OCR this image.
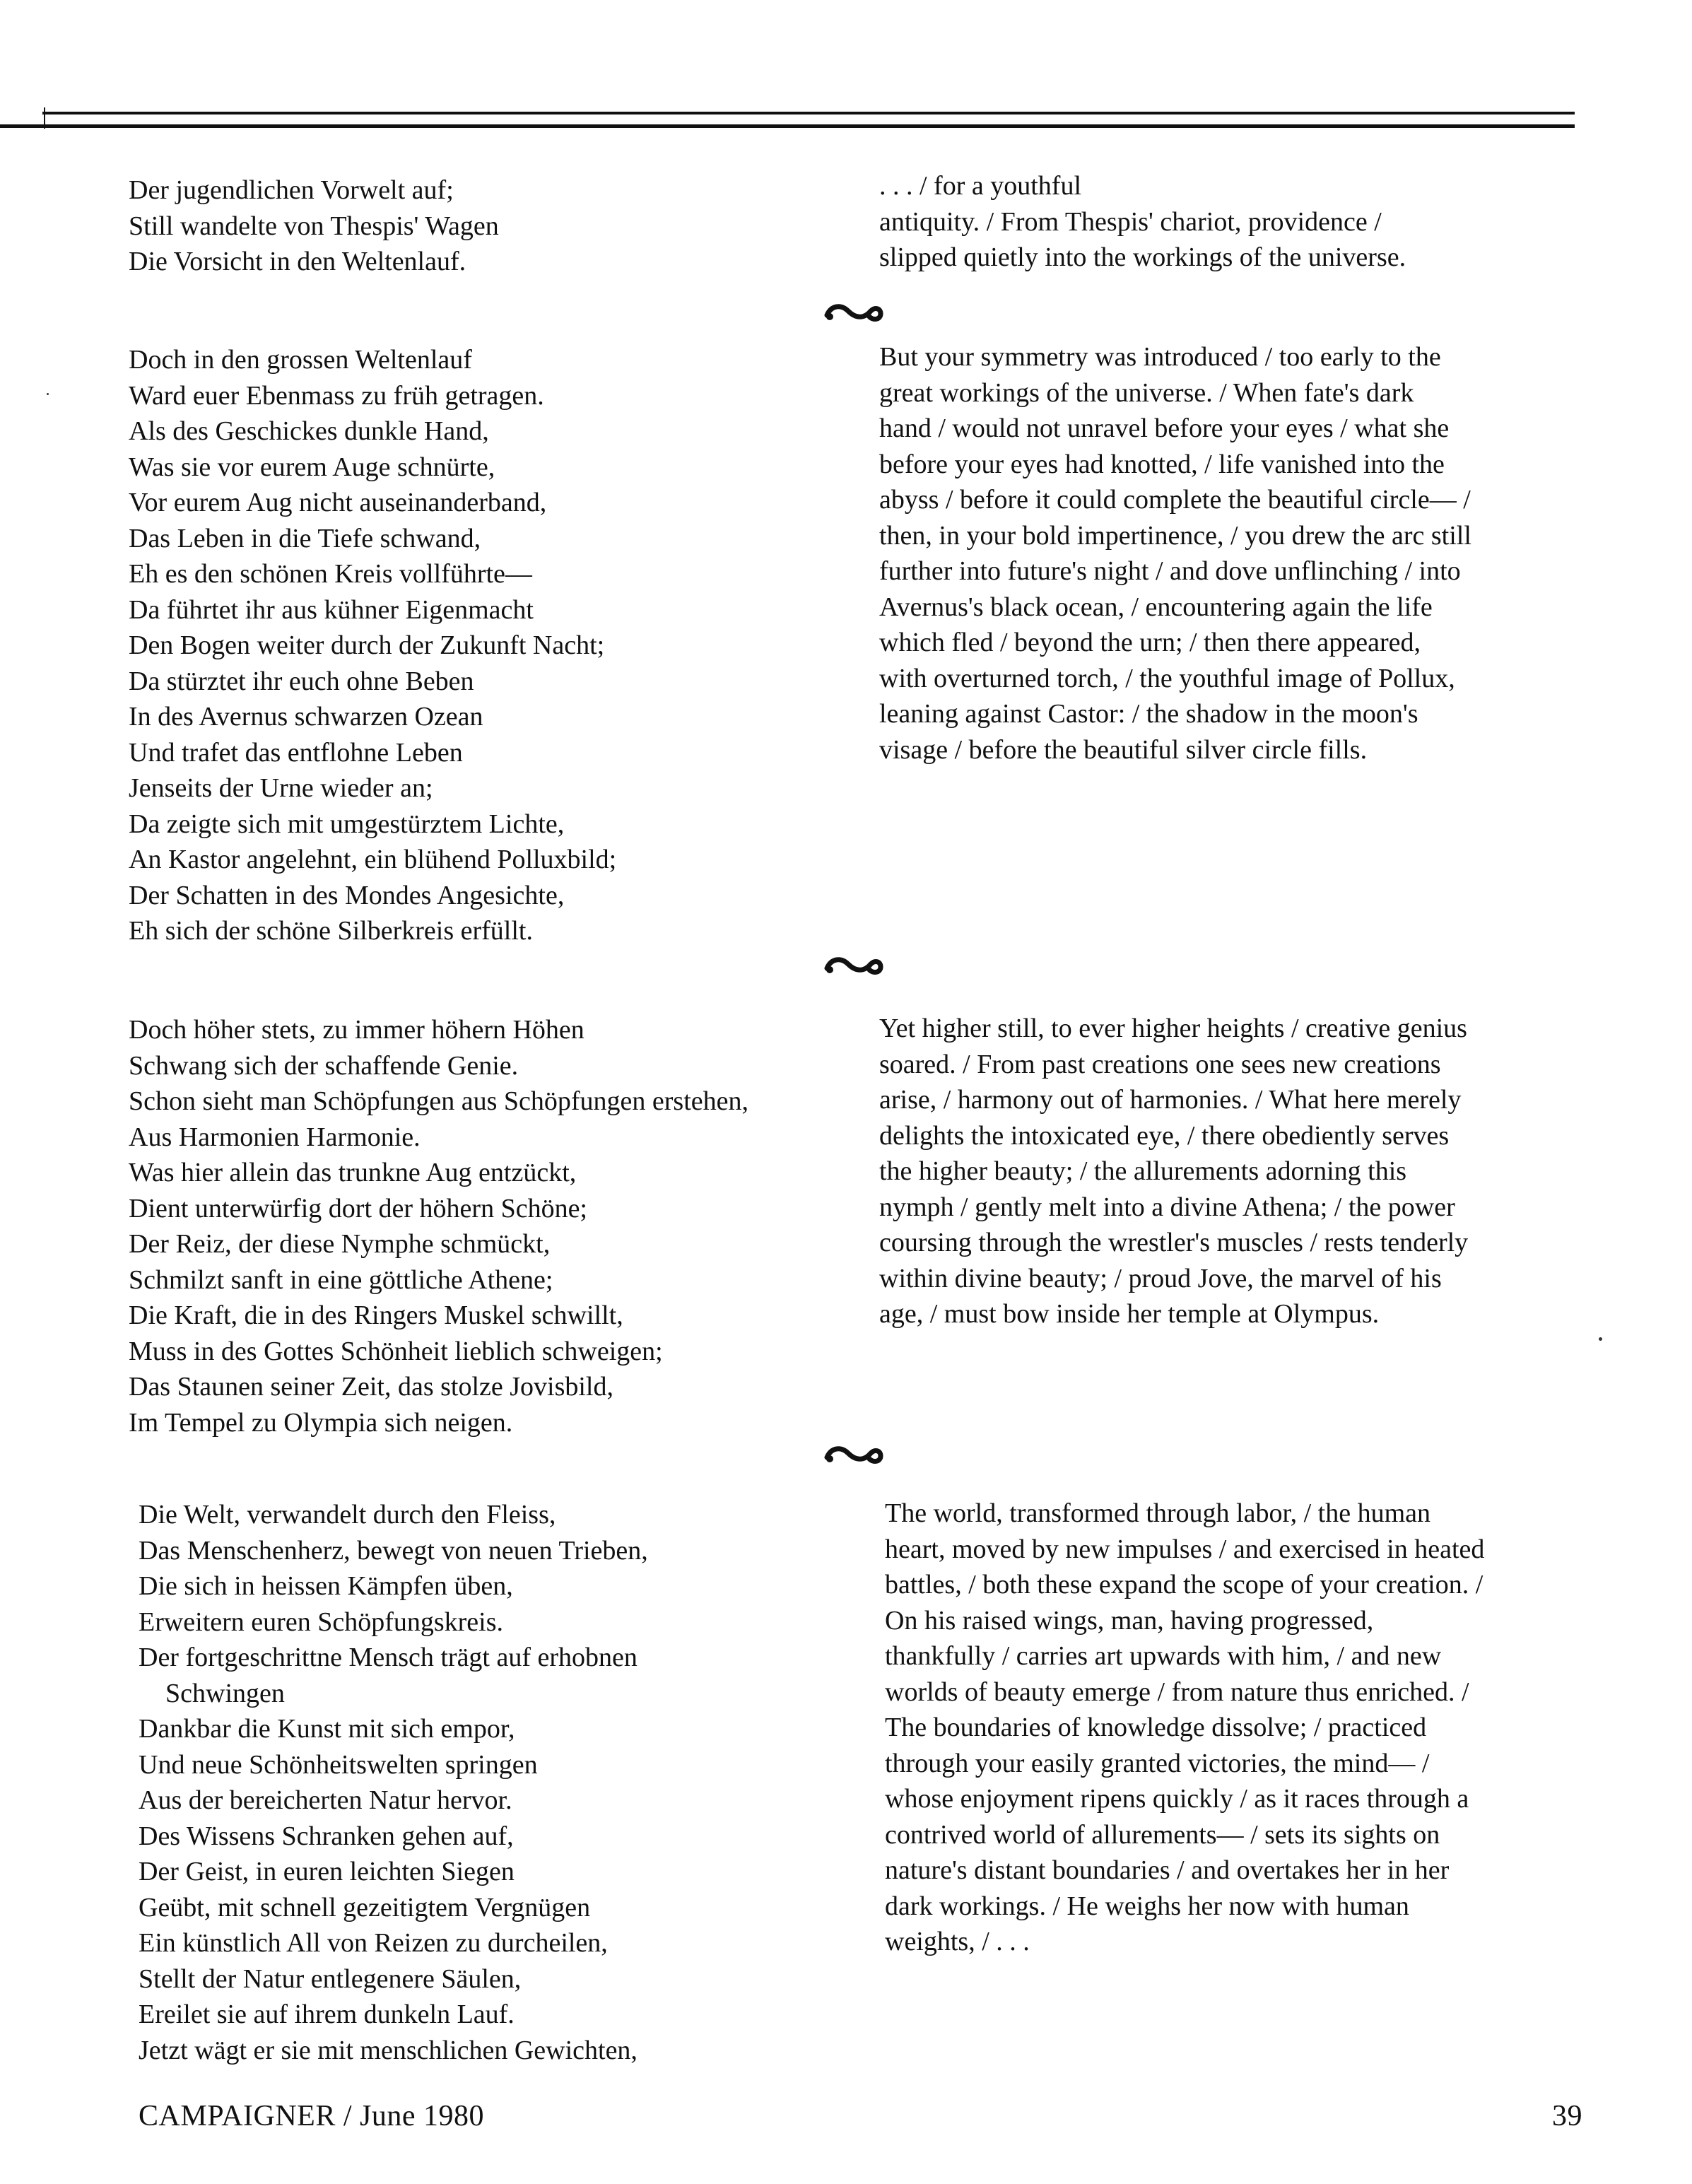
Der jugendlichen Vorwelt auf;
Still wandelte von Thespis' Wagen
Die Vorsicht in den Weltenlauf.

Doch in den grossen Weltenlauf
Ward euer Ebenmass zu früh getragen.
Als des Geschickes dunkle Hand,
Was sie vor eurem Auge schnürte,
Vor eurem Aug nicht auseinanderband,
Das Leben in die Tiefe schwand,
Eh es den schönen Kreis vollführte—
Da führtet ihr aus kühner Eigenmacht
Den Bogen weiter durch der Zukunft Nacht;
Da stürztet ihr euch ohne Beben
In des Avernus schwarzen Ozean
Und trafet das entflohne Leben
Jenseits der Urne wieder an;
Da zeigte sich mit umgestürztem Lichte,
An Kastor angelehnt, ein blühend Polluxbild;
Der Schatten in des Mondes Angesichte,
Eh sich der schöne Silberkreis erfüllt.

Doch höher stets, zu immer höhern Höhen
Schwang sich der schaffende Genie.
Schon sieht man Schöpfungen aus Schöpfungen erstehen,
Aus Harmonien Harmonie.
Was hier allein das trunkne Aug entzückt,
Dient unterwürfig dort der höhern Schöne;
Der Reiz, der diese Nymphe schmückt,
Schmilzt sanft in eine göttliche Athene;
Die Kraft, die in des Ringers Muskel schwillt,
Muss in des Gottes Schönheit lieblich schweigen;
Das Staunen seiner Zeit, das stolze Jovisbild,
Im Tempel zu Olympia sich neigen.

Die Welt, verwandelt durch den Fleiss,
Das Menschenherz, bewegt von neuen Trieben,
Die sich in heissen Kämpfen üben,
Erweitern euren Schöpfungskreis.
Der fortgeschrittne Mensch trägt auf erhobnen
Schwingen
Dankbar die Kunst mit sich empor,
Und neue Schönheitswelten springen
Aus der bereicherten Natur hervor.
Des Wissens Schranken gehen auf,
Der Geist, in euren leichten Siegen
Geübt, mit schnell gezeitigtem Vergnügen
Ein künstlich All von Reizen zu durcheilen,
Stellt der Natur entlegenere Säulen,
Ereilet sie auf ihrem dunkeln Lauf.
Jetzt wägt er sie mit menschlichen Gewichten,

. . . / for a youthful
antiquity. / From Thespis' chariot, providence /
slipped quietly into the workings of the universe.

But your symmetry was introduced / too early to the
great workings of the universe. / When fate's dark
hand / would not unravel before your eyes / what she
before your eyes had knotted, / life vanished into the
abyss / before it could complete the beautiful circle— /
then, in your bold impertinence, / you drew the arc still
further into future's night / and dove unflinching / into
Avernus's black ocean, / encountering again the life
which fled / beyond the urn; / then there appeared,
with overturned torch, / the youthful image of Pollux,
leaning against Castor: / the shadow in the moon's
visage / before the beautiful silver circle fills.

Yet higher still, to ever higher heights / creative genius
soared. / From past creations one sees new creations
arise, / harmony out of harmonies. / What here merely
delights the intoxicated eye, / there obediently serves
the higher beauty; / the allurements adorning this
nymph / gently melt into a divine Athena; / the power
coursing through the wrestler's muscles / rests tenderly
within divine beauty; / proud Jove, the marvel of his
age, / must bow inside her temple at Olympus.

The world, transformed through labor, / the human
heart, moved by new impulses / and exercised in heated
battles, / both these expand the scope of your creation. /
On his raised wings, man, having progressed,
thankfully / carries art upwards with him, / and new
worlds of beauty emerge / from nature thus enriched. /
The boundaries of knowledge dissolve; / practiced
through your easily granted victories, the mind— /
whose enjoyment ripens quickly / as it races through a
contrived world of allurements— / sets its sights on
nature's distant boundaries / and overtakes her in her
dark workings. / He weighs her now with human
weights, / . . .

CAMPAIGNER / June 1980	39
